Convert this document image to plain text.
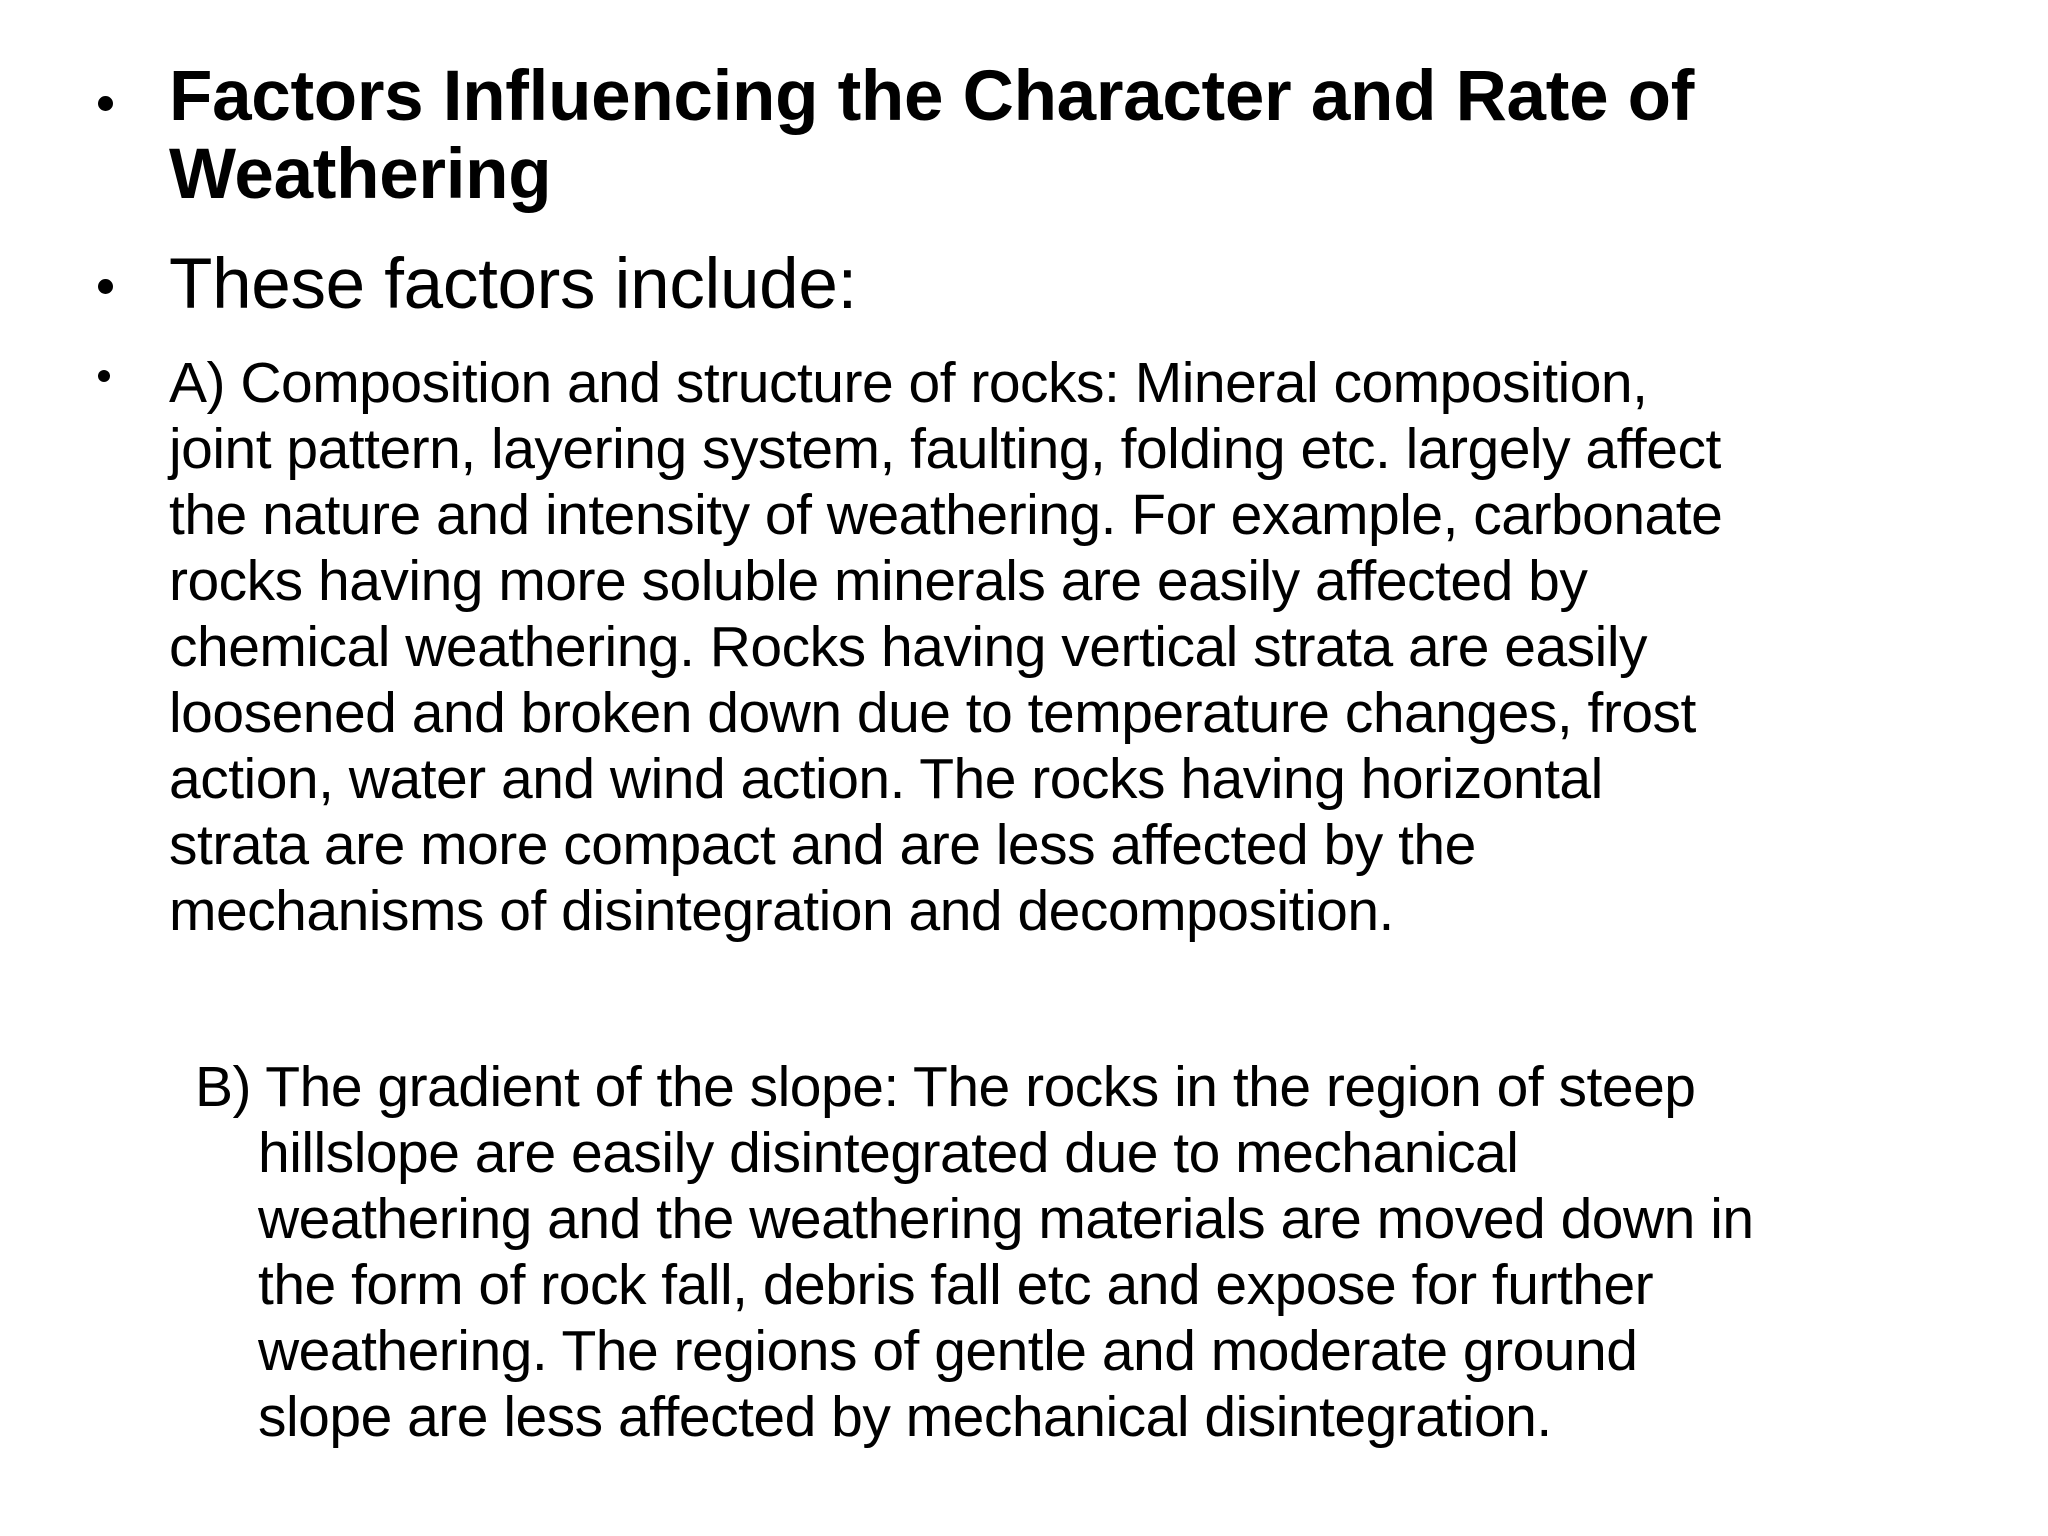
Factors Influencing the Character and Rate of
Weathering

These factors include:

A) Composition and structure of rocks: Mineral composition,
joint pattern, layering system, faulting, folding etc. largely affect
the nature and intensity of weathering. For example, carbonate
rocks having more soluble minerals are easily affected by
chemical weathering. Rocks having vertical strata are easily
loosened and broken down due to temperature changes, frost
action, water and wind action. The rocks having horizontal
strata are more compact and are less affected by the
mechanisms of disintegration and decomposition.

B) The gradient of the slope: The rocks in the region of steep
hillslope are easily disintegrated due to mechanical
weathering and the weathering materials are moved down in
the form of rock fall, debris fall etc and expose for further
weathering. The regions of gentle and moderate ground
slope are less affected by mechanical disintegration.
